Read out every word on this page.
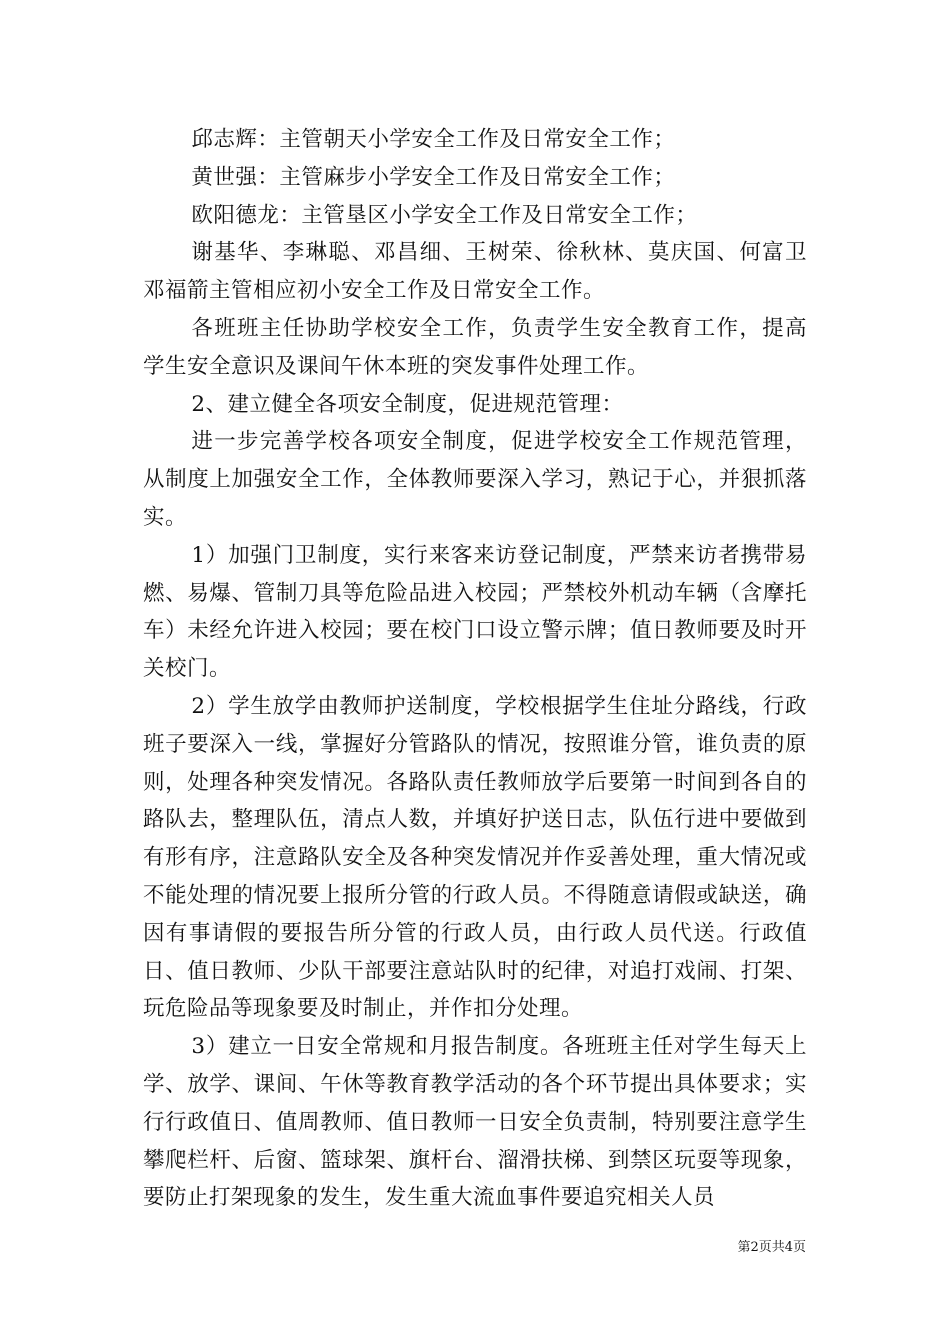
邱志辉：主管朝天小学安全工作及日常安全工作；

黄世强：主管麻步小学安全工作及日常安全工作；

欧阳德龙：主管垦区小学安全工作及日常安全工作；

谢基华、李琳聪、邓昌细、王树荣、徐秋林、莫庆国、何富卫邓福箭主管相应初小安全工作及日常安全工作。

各班班主任协助学校安全工作，负责学生安全教育工作，提高学生安全意识及课间午休本班的突发事件处理工作。

2、建立健全各项安全制度，促进规范管理：

进一步完善学校各项安全制度，促进学校安全工作规范管理，从制度上加强安全工作，全体教师要深入学习，熟记于心，并狠抓落实。

1）加强门卫制度，实行来客来访登记制度，严禁来访者携带易燃、易爆、管制刀具等危险品进入校园；严禁校外机动车辆（含摩托车）未经允许进入校园；要在校门口设立警示牌；值日教师要及时开关校门。

2）学生放学由教师护送制度，学校根据学生住址分路线，行政班子要深入一线，掌握好分管路队的情况，按照谁分管，谁负责的原则，处理各种突发情况。各路队责任教师放学后要第一时间到各自的路队去，整理队伍，清点人数，并填好护送日志，队伍行进中要做到有形有序，注意路队安全及各种突发情况并作妥善处理，重大情况或不能处理的情况要上报所分管的行政人员。不得随意请假或缺送，确因有事请假的要报告所分管的行政人员，由行政人员代送。行政值日、值日教师、少队干部要注意站队时的纪律，对追打戏闹、打架、玩危险品等现象要及时制止，并作扣分处理。

3）建立一日安全常规和月报告制度。各班班主任对学生每天上学、放学、课间、午休等教育教学活动的各个环节提出具体要求；实行行政值日、值周教师、值日教师一日安全负责制，特别要注意学生攀爬栏杆、后窗、篮球架、旗杆台、溜滑扶梯、到禁区玩耍等现象，要防止打架现象的发生，发生重大流血事件要追究相关人员

第2页共4页
